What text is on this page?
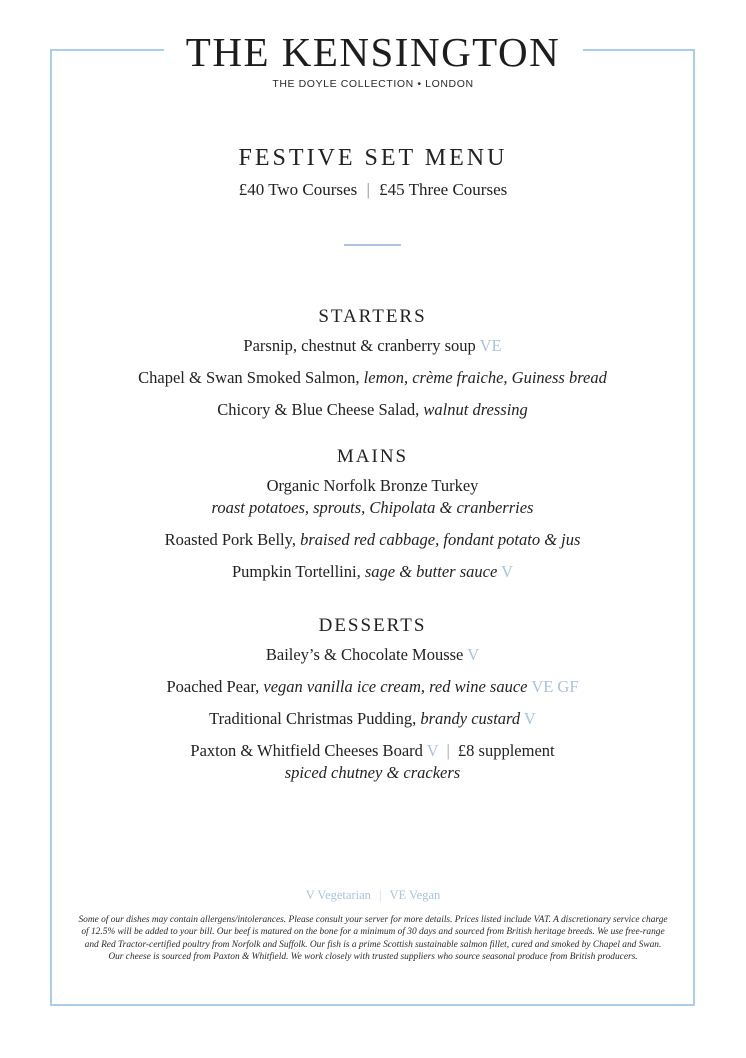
THE KENSINGTON
THE DOYLE COLLECTION • LONDON
FESTIVE SET MENU
£40 Two Courses | £45 Three Courses
STARTERS
Parsnip, chestnut & cranberry soup VE
Chapel & Swan Smoked Salmon, lemon, crème fraiche, Guiness bread
Chicory & Blue Cheese Salad, walnut dressing
MAINS
Organic Norfolk Bronze Turkey
roast potatoes, sprouts, Chipolata & cranberries
Roasted Pork Belly, braised red cabbage, fondant potato & jus
Pumpkin Tortellini, sage & butter sauce V
DESSERTS
Bailey’s & Chocolate Mousse V
Poached Pear, vegan vanilla ice cream, red wine sauce VE GF
Traditional Christmas Pudding, brandy custard V
Paxton & Whitfield Cheeses Board V | £8 supplement
spiced chutney & crackers
V Vegetarian | VE Vegan
Some of our dishes may contain allergens/intolerances. Please consult your server for more details. Prices listed include VAT. A discretionary service charge of 12.5% will be added to your bill. Our beef is matured on the bone for a minimum of 30 days and sourced from British heritage breeds. We use free-range and Red Tractor-certified poultry from Norfolk and Suffolk. Our fish is a prime Scottish sustainable salmon fillet, cured and smoked by Chapel and Swan. Our cheese is sourced from Paxton & Whitfield. We work closely with trusted suppliers who source seasonal produce from British producers.
